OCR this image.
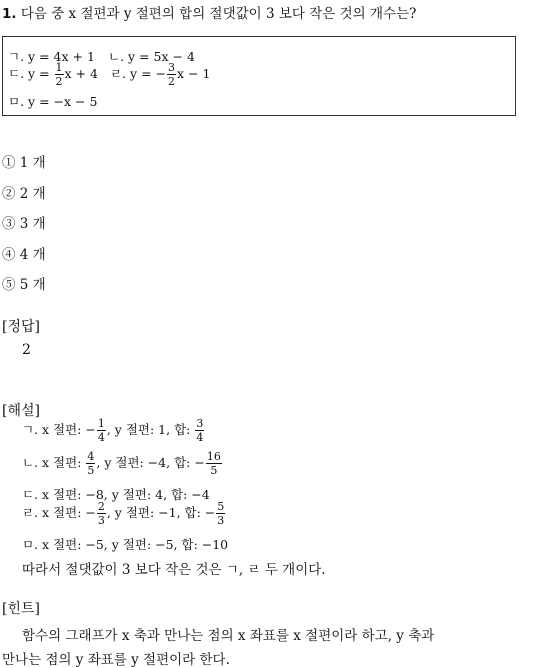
1. 다음 중 x 절편과 y 절편의 합의 절댓값이 3 보다 작은 것의 개수는?
ㄱ. y = 4x + 1 ㄴ. y = 5x − 4
ㄷ. $y = \frac{1}{2}$ x + 4 ㄹ. y = − $\frac{3}{2}$ x − 1
ㅁ. y = −x − 5
① 1 개
② 2 개
③ 3 개
④ 4 개
⑤ 5 개
[정답]
2
[해설]
ㄱ. x 절편: − $\frac{1}{4}$ , y 절편: 1, 합: $\frac{3}{4}$
ㄴ. x 절편: $\frac{4}{5}$ , y 절편: −4, 합: − $\frac{16}{5}$
ㄷ. x 절편: −8, y 절편: 4, 합: −4
ㄹ. x 절편: − $\frac{2}{3}$ , y 절편: −1, 합: − $\frac{5}{3}$
ㅁ. x 절편: −5, y 절편: −5, 합: −10
따라서 절댓값이 3 보다 작은 것은 ㄱ, ㄹ 두 개이다.
[힌트]
함수의 그래프가 x 축과 만나는 점의 x 좌표를 x 절편이라 하고, y 축과
만나는 점의 y 좌표를 y 절편이라 한다.
